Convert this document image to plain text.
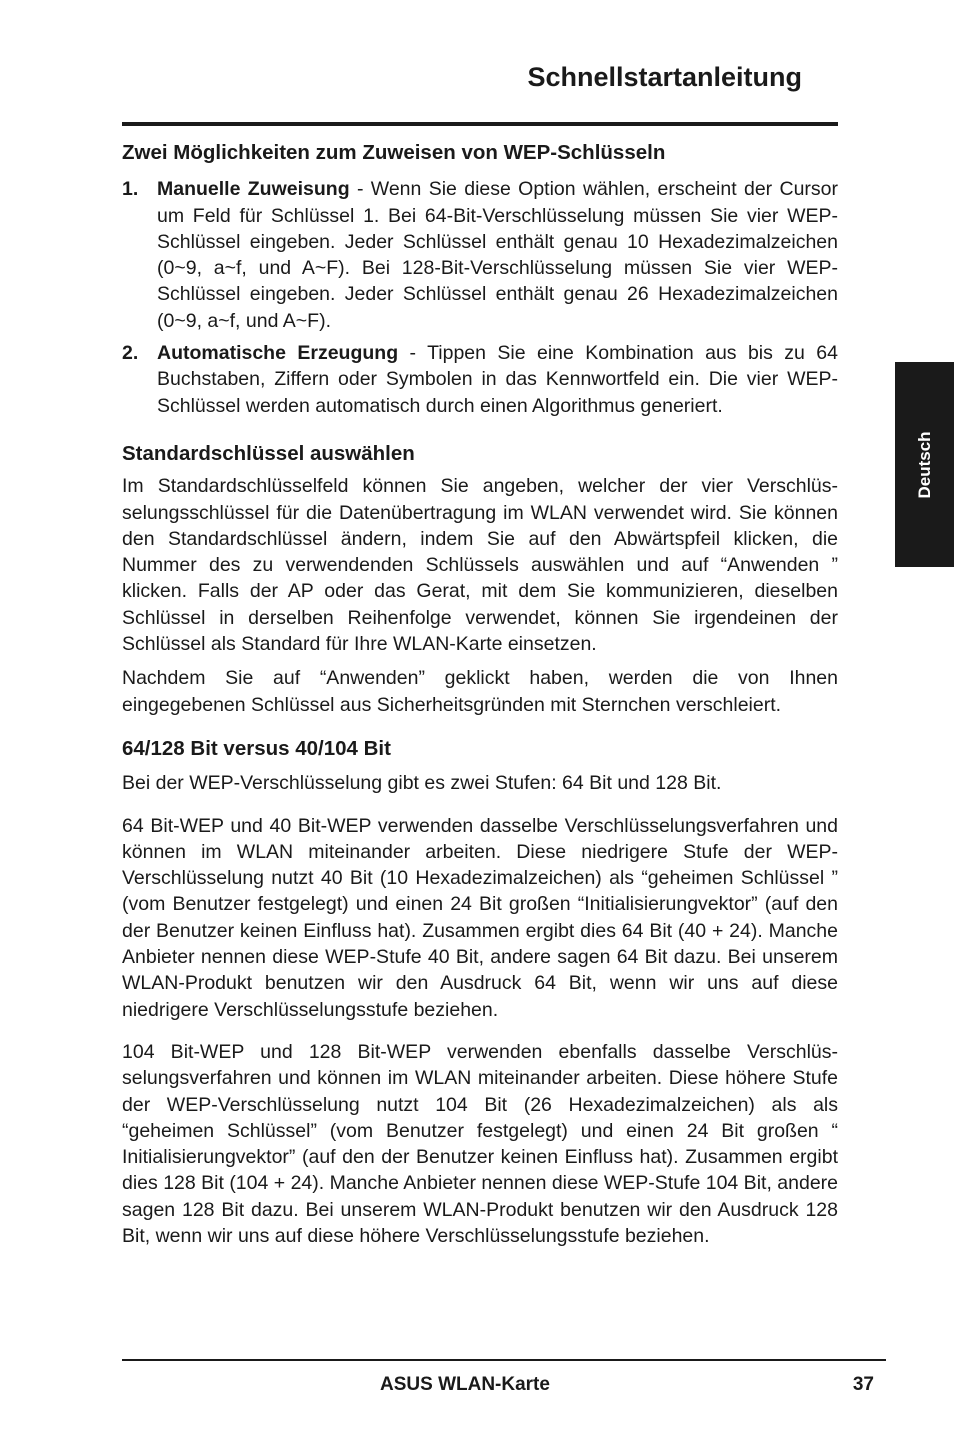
Schnellstartanleitung
Deutsch
Zwei Möglichkeiten zum Zuweisen von WEP-Schlüsseln
1. Manuelle Zuweisung - Wenn Sie diese Option wählen, erscheint der Cursor um Feld für Schlüssel 1. Bei 64-Bit-Verschlüsselung müssen Sie vier WEP-Schlüssel eingeben. Jeder Schlüssel enthält genau 10 Hexadezimalzeichen (0~9, a~f, und A~F). Bei 128-Bit-Verschlüsselung müssen Sie vier WEP-Schlüssel eingeben. Jeder Schlüssel enthält genau 26 Hexadezimalzeichen (0~9, a~f, und A~F).
2. Automatische Erzeugung - Tippen Sie eine Kombination aus bis zu 64 Buchstaben, Ziffern oder Symbolen in das Kennwortfeld ein. Die vier WEP-Schlüssel werden automatisch durch einen Algorithmus generiert.
Standardschlüssel auswählen

Im Standardschlüsselfeld können Sie angeben, welcher der vier Verschlüs-selungsschlüssel für die Datenübertragung im WLAN verwendet wird. Sie können den Standardschlüssel ändern, indem Sie auf den Abwärtspfeil klicken, die Nummer des zu verwendenden Schlüssels auswählen und auf “Anwenden ” klicken. Falls der AP oder das Gerat, mit dem Sie kommunizieren, dieselben Schlüssel in derselben Reihenfolge verwendet, können Sie irgendeinen der Schlüssel als Standard für Ihre WLAN-Karte einsetzen.

Nachdem Sie auf “Anwenden” geklickt haben, werden die von Ihnen eingegebenen Schlüssel aus Sicherheitsgründen mit Sternchen verschleiert.

64/128 Bit versus 40/104 Bit

Bei der WEP-Verschlüsselung gibt es zwei Stufen: 64 Bit und 128 Bit.

64 Bit-WEP und 40 Bit-WEP verwenden dasselbe Verschlüsselungsverfahren und können im WLAN miteinander arbeiten. Diese niedrigere Stufe der WEP-Verschlüsselung nutzt 40 Bit (10 Hexadezimalzeichen) als “geheimen Schlüssel ” (vom Benutzer festgelegt) und einen 24 Bit großen “Initialisierungvektor” (auf den der Benutzer keinen Einfluss hat). Zusammen ergibt dies 64 Bit (40 + 24). Manche Anbieter nennen diese WEP-Stufe 40 Bit, andere sagen 64 Bit dazu. Bei unserem WLAN-Produkt benutzen wir den Ausdruck 64 Bit, wenn wir uns auf diese niedrigere Verschlüsselungsstufe beziehen.

104 Bit-WEP und 128 Bit-WEP verwenden ebenfalls dasselbe Verschlüs-selungsverfahren und können im WLAN miteinander arbeiten. Diese höhere Stufe der WEP-Verschlüsselung nutzt 104 Bit (26 Hexadezimalzeichen) als als “geheimen Schlüssel” (vom Benutzer festgelegt) und einen 24 Bit großen “ Initialisierungvektor” (auf den der Benutzer keinen Einfluss hat). Zusammen ergibt dies 128 Bit (104 + 24). Manche Anbieter nennen diese WEP-Stufe 104 Bit, andere sagen 128 Bit dazu. Bei unserem WLAN-Produkt benutzen wir den Ausdruck 128 Bit, wenn wir uns auf diese höhere Verschlüsselungsstufe beziehen.

ASUS WLAN-Karte	37
